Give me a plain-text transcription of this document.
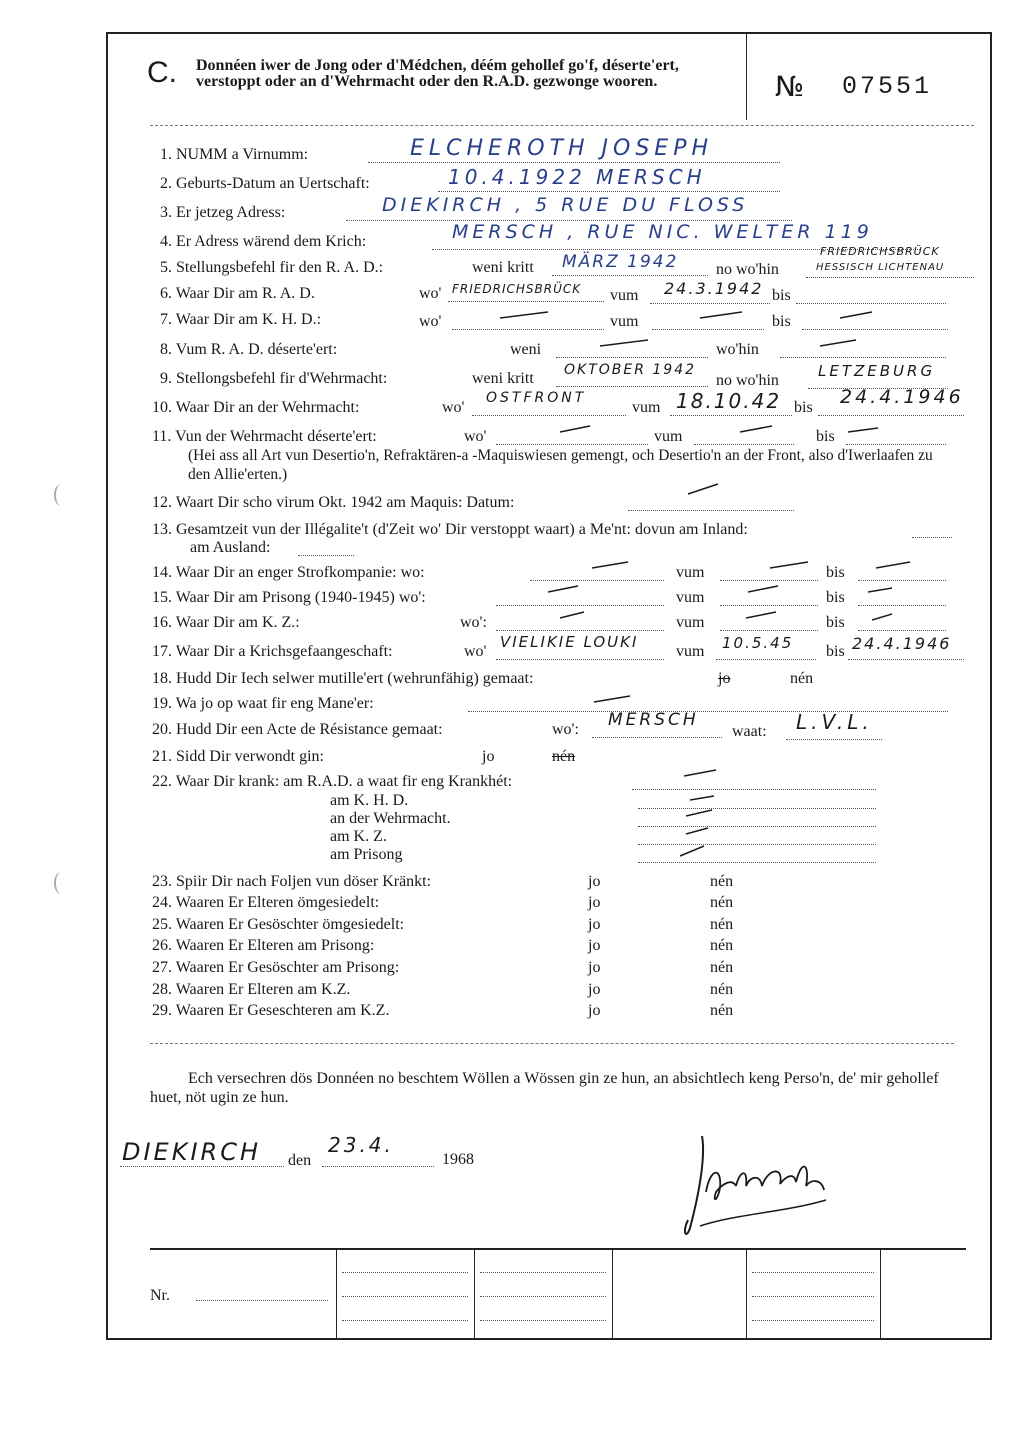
C. Donnéen iwer de Jong oder d'Médchen, déém gehollef go'f, déserte'ert, verstoppt oder an d'Wehrmacht oder den R.A.D. gezwonge wooren.	№ 07551
1. NUMM a Virnumm:	ELCHEROTH JOSEPH
2. Geburts-Datum an Uertschaft:	10.4.1922 MERSCH
3. Er jetzeg Adress:	DIEKIRCH , 5 RUE DU FLOSS
4. Er Adress wärend dem Krich:	MERSCH , RUE NIC. WELTER 119
5. Stellungsbefehl fir den R. A. D.:	weni kritt MÄRZ 1942 no wo'hin
FRIEDRICHSBRÜCK
HESSISCH LICHTENAU
6. Waar Dir am R. A. D.	wo' FRIEDRICHSBRÜCK vum 24.3.1942 bis
7. Waar Dir am K. H. D.:	wo'	vum	bis
8. Vum R. A. D. déserte'ert:	weni	wo'hin
9. Stellongsbefehl fir d'Wehrmacht:	weni kritt OKTOBER 1942
no wo'hin
LETZEBURG
10. Waar Dir an der Wehrmacht:	wo'
OSTFRONT
vum 18.10.42 bis 24.4.1946
11. Vun der Wehrmacht déserte'ert:	wo'	vum	bis
(Hei ass all Art vun Desertio'n, Refraktären-a -Maquiswiesen gemengt, och Desertio'n an der Front, also d'Iwerlaafen zu den Allie'erten.)
12. Waart Dir scho virum Okt. 1942 am Maquis: Datum:
13. Gesamtzeit vun der Illégalite't (d'Zeit wo' Dir verstoppt waart) a Me'nt: dovun am Inland:
am Ausland:
14. Waar Dir an enger Strofkompanie: wo:	vum	bis
15. Waar Dir am Prisong (1940-1945) wo':	vum	bis
16. Waar Dir am K. Z.:	wo':	vum	bis
17. Waar Dir a Krichsgefaangeschaft:	wo'
VIELIKIE LOUKI
vum 10.5.45 bis 24.4.1946
18. Hudd Dir Iech selwer mutille'ert (wehrunfähig) gemaat:	jo	nén
19. Wa jo op waat fir eng Mane'er:
20. Hudd Dir een Acte de Résistance gemaat:	wo': MERSCH
waat: L.V.L.
21. Sidd Dir verwondt gin:	jo	nén
22. Waar Dir krank: am R.A.D. a waat fir eng Krankhét:
am K. H. D.
an der Wehrmacht.
am K. Z.
am Prisong
23. Spiir Dir nach Foljen vun döser Kränkt:	jo	nén
24. Waaren Er Elteren ömgesiedelt:	jo	nén
25. Waaren Er Gesöschter ömgesiedelt:	jo	nén
26. Waaren Er Elteren am Prisong:	jo	nén
27. Waaren Er Gesöschter am Prisong:	jo	nén
28. Waaren Er Elteren am K.Z.	jo	nén
29. Waaren Er Geseschteren am K.Z.	jo	nén
Ech versechren dös Donnéen no beschtem Wöllen a Wössen gin ze hun, an absichtlech keng Perso'n, de' mir gehollef huet, nöt ugin ze hun.
DIEKIRCH den
23.4.
1968
Nr.
